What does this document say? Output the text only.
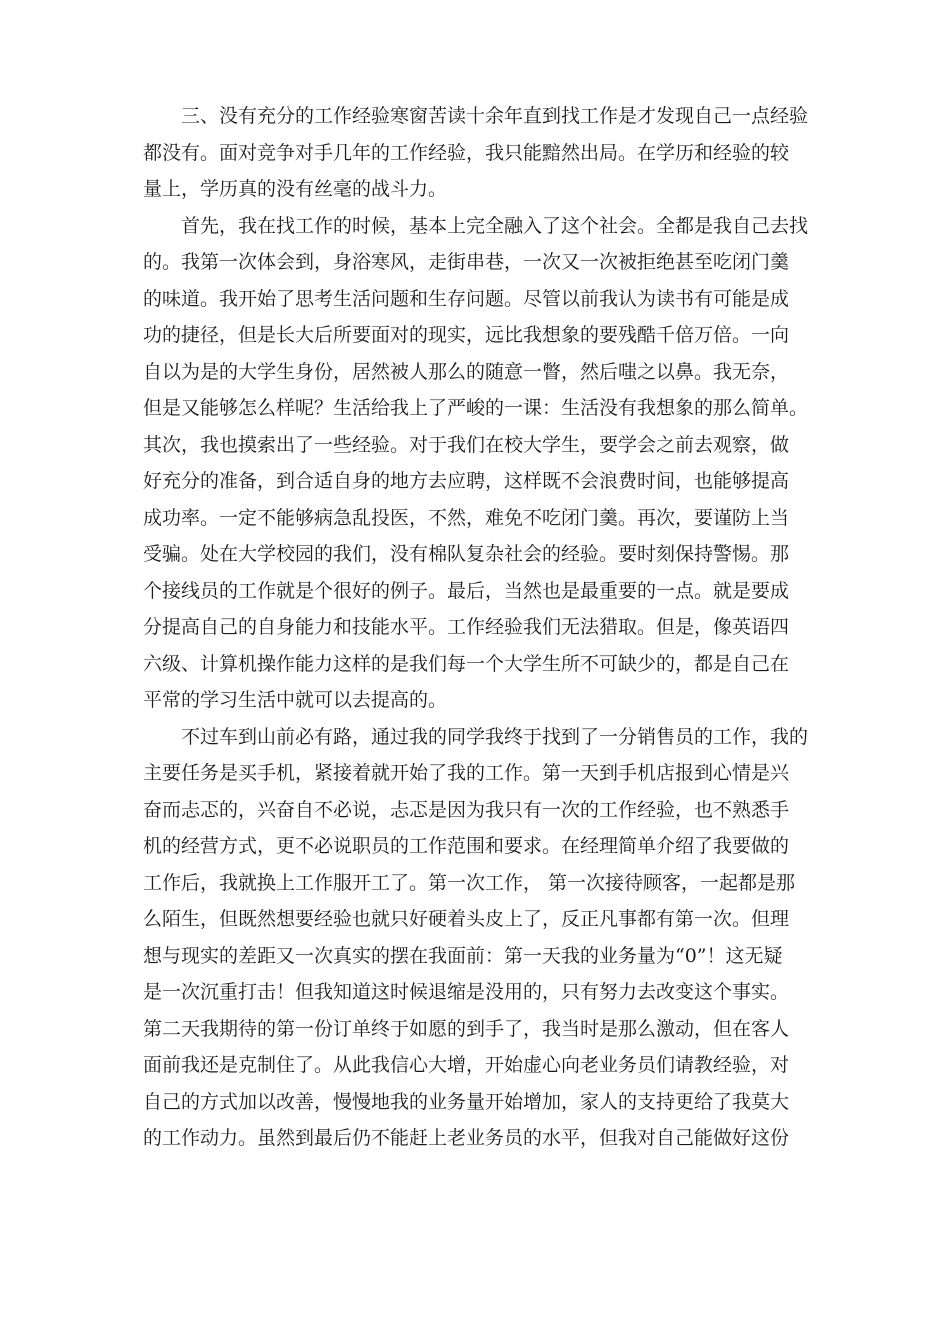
三、没有充分的工作经验寒窗苦读十余年直到找工作是才发现自己一点经验
都没有。面对竞争对手几年的工作经验，我只能黯然出局。在学历和经验的较
量上，学历真的没有丝毫的战斗力。
首先，我在找工作的时候，基本上完全融入了这个社会。全都是我自己去找
的。我第一次体会到，身浴寒风，走街串巷，一次又一次被拒绝甚至吃闭门羹
的味道。我开始了思考生活问题和生存问题。尽管以前我认为读书有可能是成
功的捷径，但是长大后所要面对的现实，远比我想象的要残酷千倍万倍。一向
自以为是的大学生身份，居然被人那么的随意一瞥，然后嗤之以鼻。我无奈，
但是又能够怎么样呢？生活给我上了严峻的一课：生活没有我想象的那么简单。
其次，我也摸索出了一些经验。对于我们在校大学生，要学会之前去观察，做
好充分的准备，到合适自身的地方去应聘，这样既不会浪费时间，也能够提高
成功率。一定不能够病急乱投医，不然，难免不吃闭门羹。再次，要谨防上当
受骗。处在大学校园的我们，没有棉队复杂社会的经验。要时刻保持警惕。那
个接线员的工作就是个很好的例子。最后，当然也是最重要的一点。就是要成
分提高自己的自身能力和技能水平。工作经验我们无法猎取。但是，像英语四
六级、计算机操作能力这样的是我们每一个大学生所不可缺少的，都是自己在
平常的学习生活中就可以去提高的。
不过车到山前必有路，通过我的同学我终于找到了一分销售员的工作，我的
主要任务是买手机，紧接着就开始了我的工作。第一天到手机店报到心情是兴
奋而忐忑的，兴奋自不必说，忐忑是因为我只有一次的工作经验，也不熟悉手
机的经营方式，更不必说职员的工作范围和要求。在经理简单介绍了我要做的
工作后，我就换上工作服开工了。第一次工作， 第一次接待顾客，一起都是那
么陌生，但既然想要经验也就只好硬着头皮上了，反正凡事都有第一次。但理
想与现实的差距又一次真实的摆在我面前：第一天我的业务量为“0”！这无疑
是一次沉重打击！但我知道这时候退缩是没用的，只有努力去改变这个事实。
第二天我期待的第一份订单终于如愿的到手了，我当时是那么激动，但在客人
面前我还是克制住了。从此我信心大增，开始虚心向老业务员们请教经验，对
自己的方式加以改善，慢慢地我的业务量开始增加，家人的支持更给了我莫大
的工作动力。虽然到最后仍不能赶上老业务员的水平，但我对自己能做好这份
